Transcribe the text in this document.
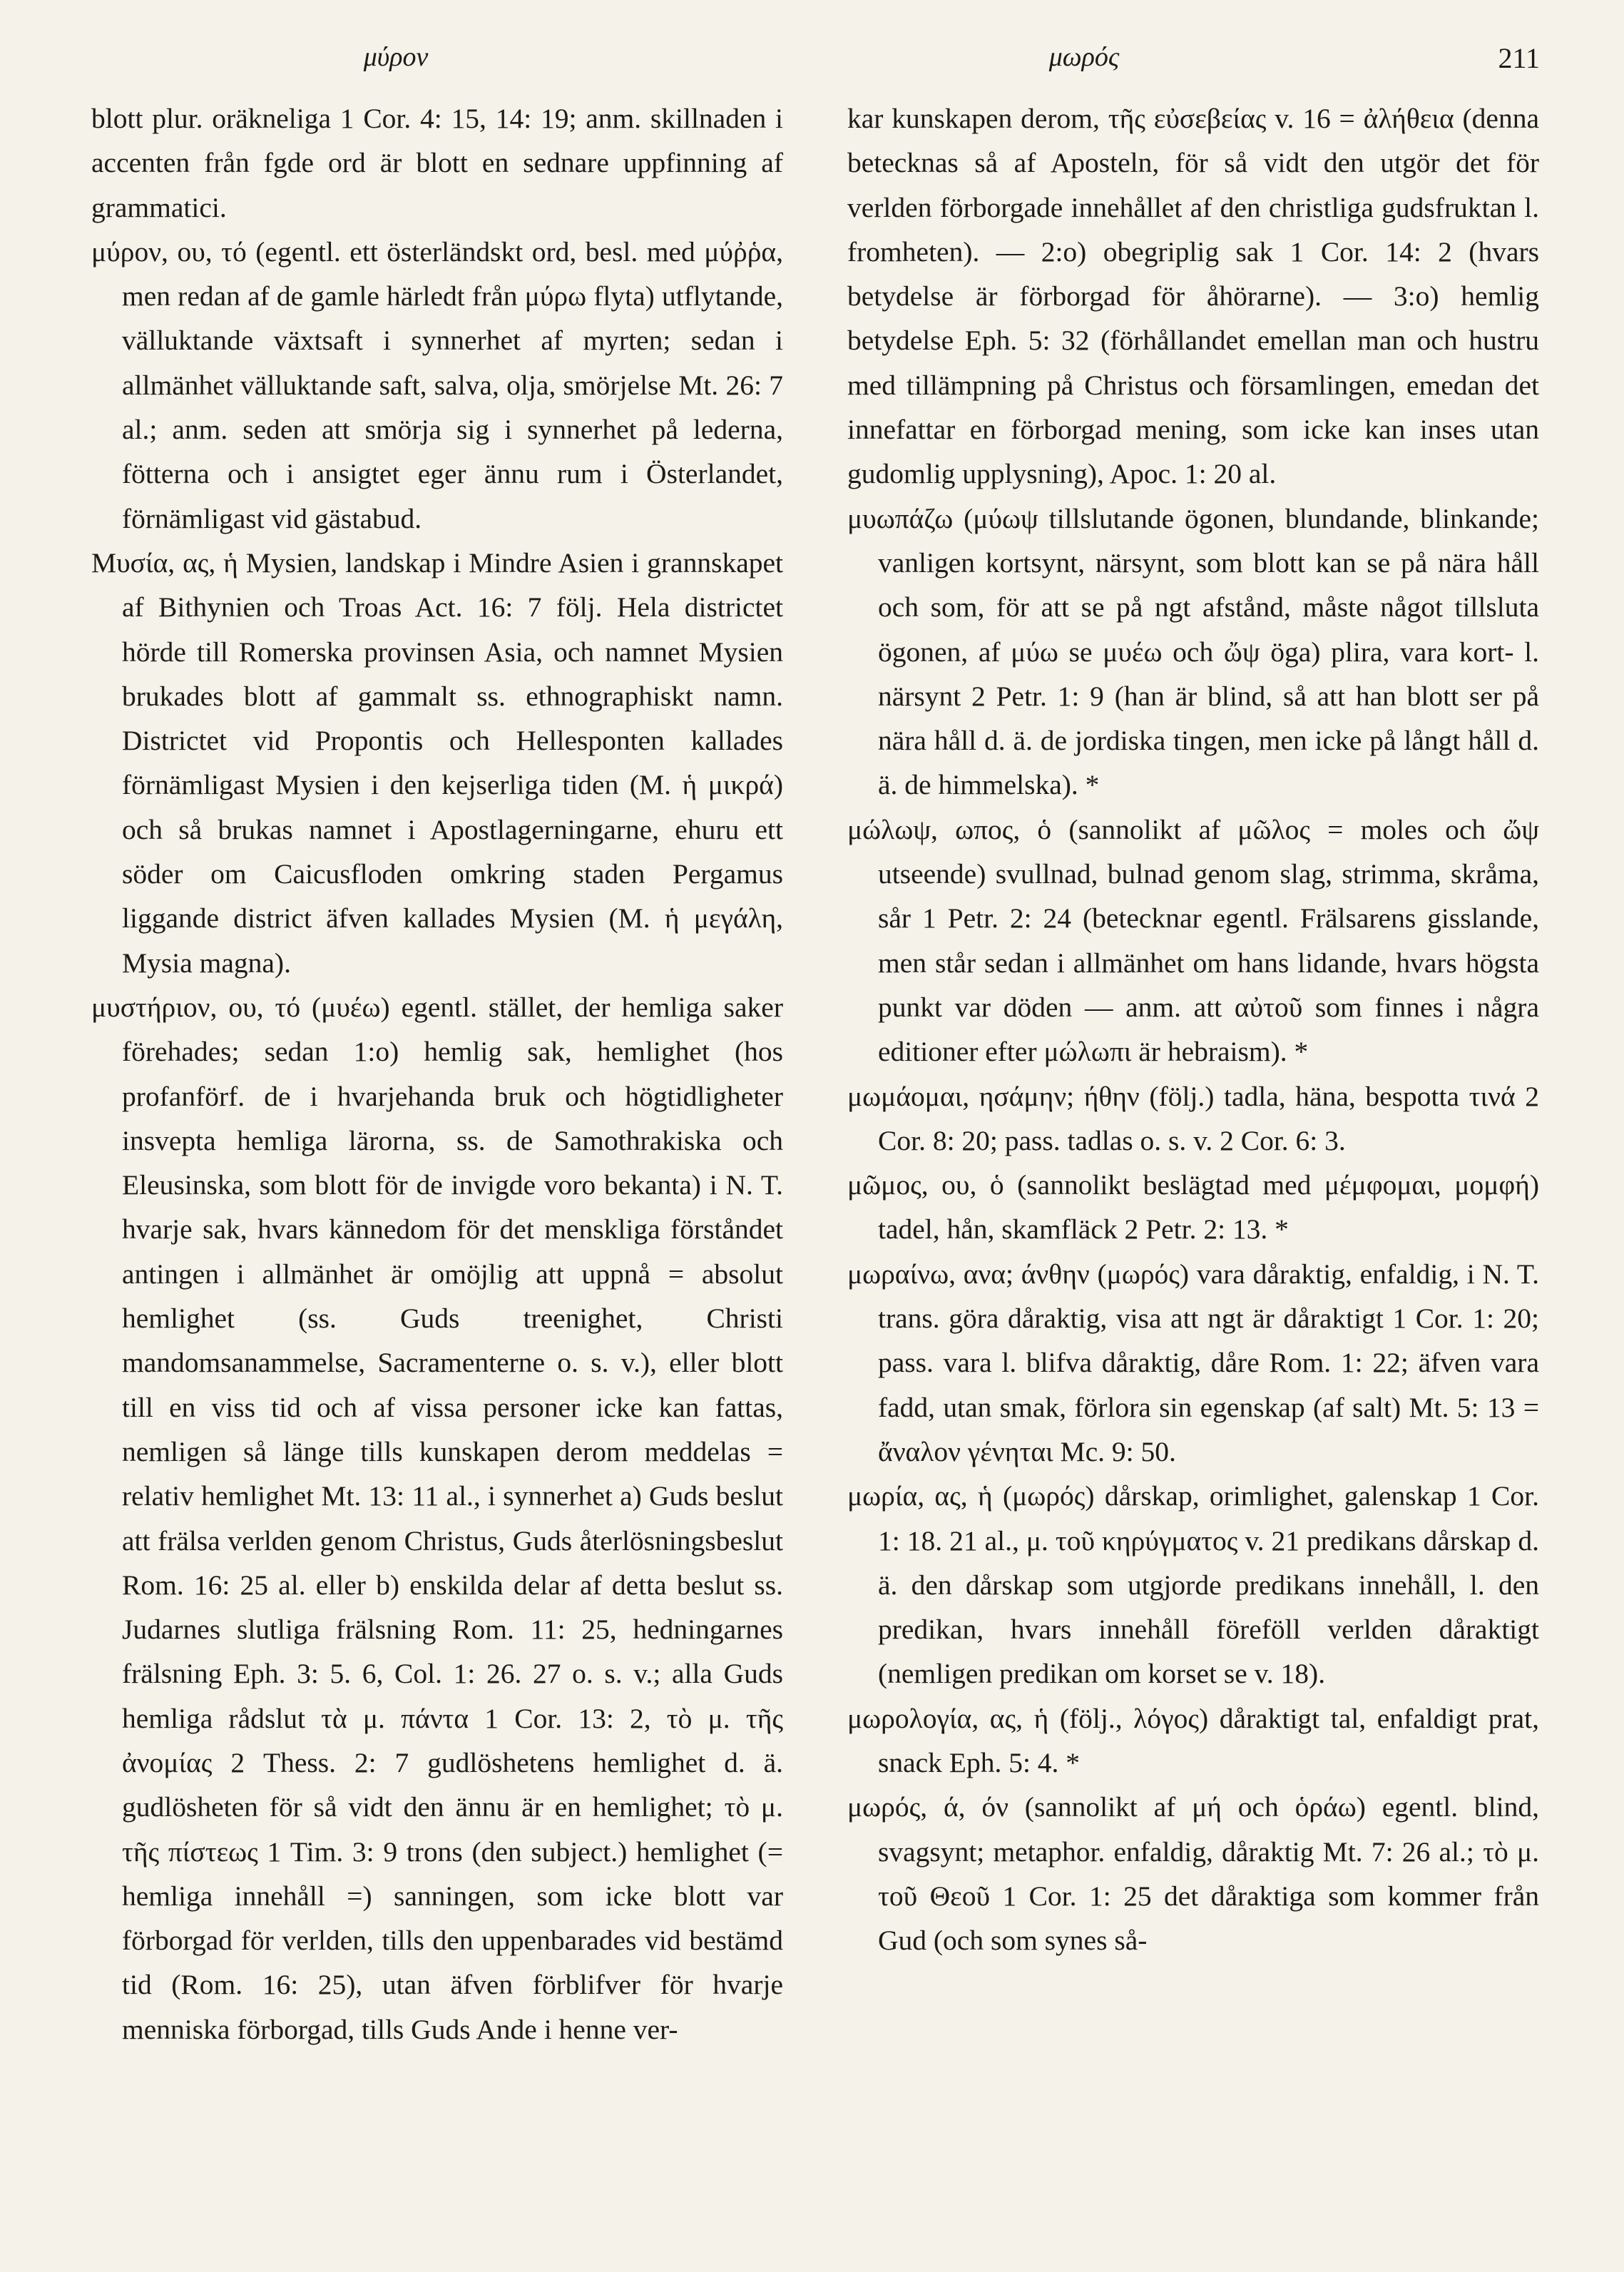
μύρον	μωρός	211

blott plur. oräkneliga 1 Cor. 4: 15, 14: 19; anm. skillnaden i accenten från fgde ord är blott en sednare uppfinning af grammatici.

μύρον, ου, τό (egentl. ett österländskt ord, besl. med μύῤῥα, men redan af de gamle härledt från μύρω flyta) utflytande, välluktande växtsaft i synnerhet af myrten; sedan i allmänhet välluktande saft, salva, olja, smörjelse Mt. 26: 7 al.; anm. seden att smörja sig i synnerhet på lederna, fötterna och i ansigtet eger ännu rum i Österlandet, förnämligast vid gästabud.

Μυσία, ας, ἡ Mysien, landskap i Mindre Asien i grannskapet af Bithynien och Troas Act. 16: 7 följ. Hela districtet hörde till Romerska provinsen Asia, och namnet Mysien brukades blott af gammalt ss. ethnographiskt namn. Districtet vid Propontis och Hellesponten kallades förnämligast Mysien i den kejserliga tiden (M. ἡ μικρά) och så brukas namnet i Apostlagerningarne, ehuru ett söder om Caicusfloden omkring staden Pergamus liggande district äfven kallades Mysien (M. ἡ μεγάλη, Mysia magna).

μυστήριον, ου, τό (μυέω) egentl. stället, der hemliga saker förehades; sedan 1:o) hemlig sak, hemlighet (hos profanförf. de i hvarjehanda bruk och högtidligheter insvepta hemliga lärorna, ss. de Samothrakiska och Eleusinska, som blott för de invigde voro bekanta) i N. T. hvarje sak, hvars kännedom för det menskliga förståndet antingen i allmänhet är omöjlig att uppnå = absolut hemlighet (ss. Guds treenighet, Christi mandomsanammelse, Sacramenterne o. s. v.), eller blott till en viss tid och af vissa personer icke kan fattas, nemligen så länge tills kunskapen derom meddelas = relativ hemlighet Mt. 13: 11 al., i synnerhet a) Guds beslut att frälsa verlden genom Christus, Guds återlösningsbeslut Rom. 16: 25 al. eller b) enskilda delar af detta beslut ss. Judarnes slutliga frälsning Rom. 11: 25, hedningarnes frälsning Eph. 3: 5. 6, Col. 1: 26. 27 o. s. v.; alla Guds hemliga rådslut τὰ μ. πάντα 1 Cor. 13: 2, τὸ μ. τῆς ἀνομίας 2 Thess. 2: 7 gudlöshetens hemlighet d. ä. gudlösheten för så vidt den ännu är en hemlighet; τὸ μ. τῆς πίστεως 1 Tim. 3: 9 trons (den subject.) hemlighet (= hemliga innehåll =) sanningen, som icke blott var förborgad för verlden, tills den uppenbarades vid bestämd tid (Rom. 16: 25), utan äfven förblifver för hvarje menniska förborgad, tills Guds Ande i henne ver-

kar kunskapen derom, τῆς εὐσεβείας v. 16 = ἀλήθεια (denna betecknas så af Aposteln, för så vidt den utgör det för verlden förborgade innehållet af den christliga gudsfruktan l. fromheten). — 2:o) obegriplig sak 1 Cor. 14: 2 (hvars betydelse är förborgad för åhörarne). — 3:o) hemlig betydelse Eph. 5: 32 (förhållandet emellan man och hustru med tillämpning på Christus och församlingen, emedan det innefattar en förborgad mening, som icke kan inses utan gudomlig upplysning), Apoc. 1: 20 al.

μυωπάζω (μύωψ tillslutande ögonen, blundande, blinkande; vanligen kortsynt, närsynt, som blott kan se på nära håll och som, för att se på ngt afstånd, måste något tillsluta ögonen, af μύω se μυέω och ὤψ öga) plira, vara kort- l. närsynt 2 Petr. 1: 9 (han är blind, så att han blott ser på nära håll d. ä. de jordiska tingen, men icke på långt håll d. ä. de himmelska). *

μώλωψ, ωπος, ὁ (sannolikt af μῶλος = moles och ὤψ utseende) svullnad, bulnad genom slag, strimma, skråma, sår 1 Petr. 2: 24 (betecknar egentl. Frälsarens gisslande, men står sedan i allmänhet om hans lidande, hvars högsta punkt var döden — anm. att αὐτοῦ som finnes i några editioner efter μώλωπι är hebraism). *

μωμάομαι, ησάμην; ήθην (följ.) tadla, häna, bespotta τινά 2 Cor. 8: 20; pass. tadlas o. s. v. 2 Cor. 6: 3.

μῶμος, ου, ὁ (sannolikt beslägtad med μέμφομαι, μομφή) tadel, hån, skamfläck 2 Petr. 2: 13. *

μωραίνω, ανα; άνθην (μωρός) vara dåraktig, enfaldig, i N. T. trans. göra dåraktig, visa att ngt är dåraktigt 1 Cor. 1: 20; pass. vara l. blifva dåraktig, dåre Rom. 1: 22; äfven vara fadd, utan smak, förlora sin egenskap (af salt) Mt. 5: 13 = ἄναλον γένηται Mc. 9: 50.

μωρία, ας, ἡ (μωρός) dårskap, orimlighet, galenskap 1 Cor. 1: 18. 21 al., μ. τοῦ κηρύγματος v. 21 predikans dårskap d. ä. den dårskap som utgjorde predikans innehåll, l. den predikan, hvars innehåll föreföll verlden dåraktigt (nemligen predikan om korset se v. 18).

μωρολογία, ας, ἡ (följ., λόγος) dåraktigt tal, enfaldigt prat, snack Eph. 5: 4. *

μωρός, ά, όν (sannolikt af μή och ὁράω) egentl. blind, svagsynt; metaphor. enfaldig, dåraktig Mt. 7: 26 al.; τὸ μ. τοῦ Θεοῦ 1 Cor. 1: 25 det dåraktiga som kommer från Gud (och som synes så-
